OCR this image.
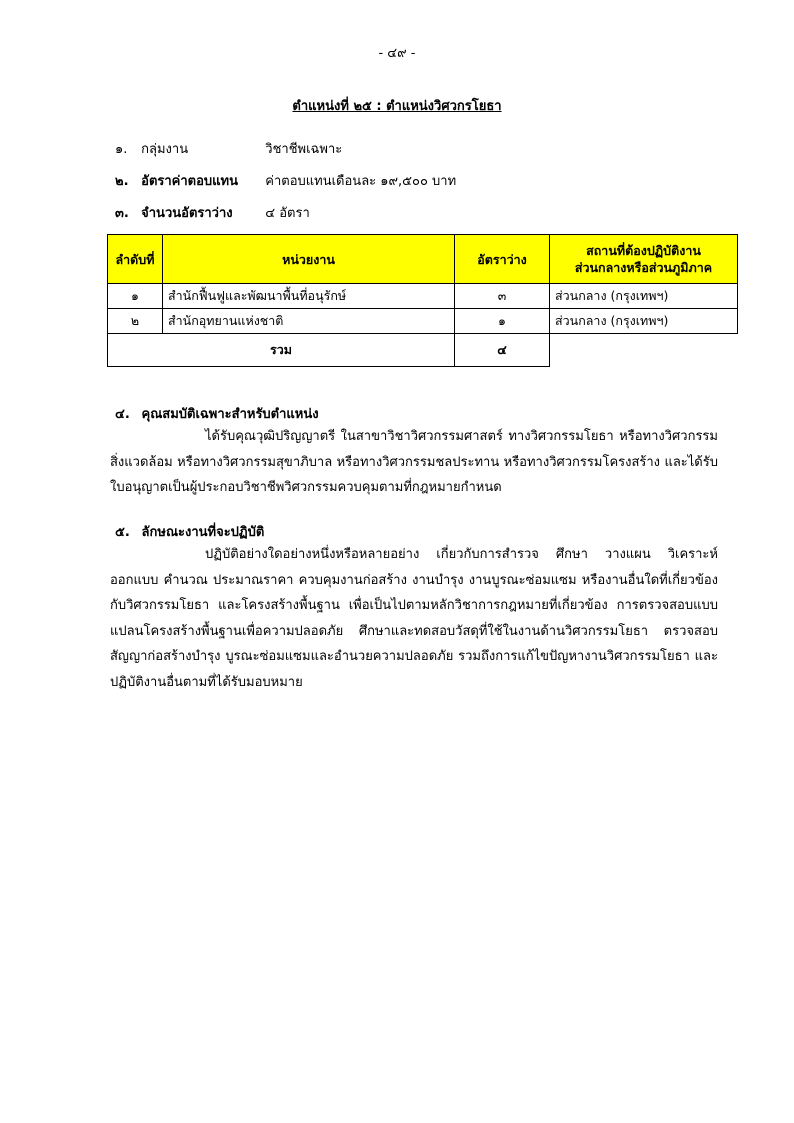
- ๔๙ -
ตำแหน่งที่ ๒๕ : ตำแหน่งวิศวกรโยธา
๑. กลุ่มงาน	วิชาชีพเฉพาะ
๒. อัตราค่าตอบแทน ค่าตอบแทนเดือนละ ๑๙,๕๐๐ บาท
๓. จำนวนอัตราว่าง	๔ อัตรา
ลำดับที่	หน่วยงาน	อัตราว่าง	สถานที่ต้องปฏิบัติงาน
ส่วนกลางหรือส่วนภูมิภาค
๑	สำนักฟื้นฟูและพัฒนาพื้นที่อนุรักษ์	๓	ส่วนกลาง (กรุงเทพฯ)
๒	สำนักอุทยานแห่งชาติ	๑	ส่วนกลาง (กรุงเทพฯ)
รวม		๔	
๔. คุณสมบัติเฉพาะสำหรับตำแหน่ง
ได้รับคุณวุฒิปริญญาตรี ในสาขาวิชาวิศวกรรมศาสตร์ ทางวิศวกรรมโยธา หรือทางวิศวกรรมสิ่งแวดล้อม หรือทางวิศวกรรมสุขาภิบาล หรือทางวิศวกรรมชลประทาน หรือทางวิศวกรรมโครงสร้าง และได้รับใบอนุญาตเป็นผู้ประกอบวิชาชีพวิศวกรรมควบคุมตามที่กฎหมายกำหนด
๕. ลักษณะงานที่จะปฏิบัติ
ปฏิบัติอย่างใดอย่างหนึ่งหรือหลายอย่าง เกี่ยวกับการสำรวจ ศึกษา วางแผน วิเคราะห์ ออกแบบ คำนวณ ประมาณราคา ควบคุมงานก่อสร้าง งานบำรุง งานบูรณะซ่อมแซม หรืองานอื่นใดที่เกี่ยวข้องกับวิศวกรรมโยธา และโครงสร้างพื้นฐาน เพื่อเป็นไปตามหลักวิชาการกฎหมายที่เกี่ยวข้อง การตรวจสอบแบบแปลนโครงสร้างพื้นฐานเพื่อความปลอดภัย ศึกษาและทดสอบวัสดุที่ใช้ในงานด้านวิศวกรรมโยธา ตรวจสอบสัญญาก่อสร้างบำรุง บูรณะซ่อมแซมและอำนวยความปลอดภัย รวมถึงการแก้ไขปัญหางานวิศวกรรมโยธา และปฏิบัติงานอื่นตามที่ได้รับมอบหมาย
